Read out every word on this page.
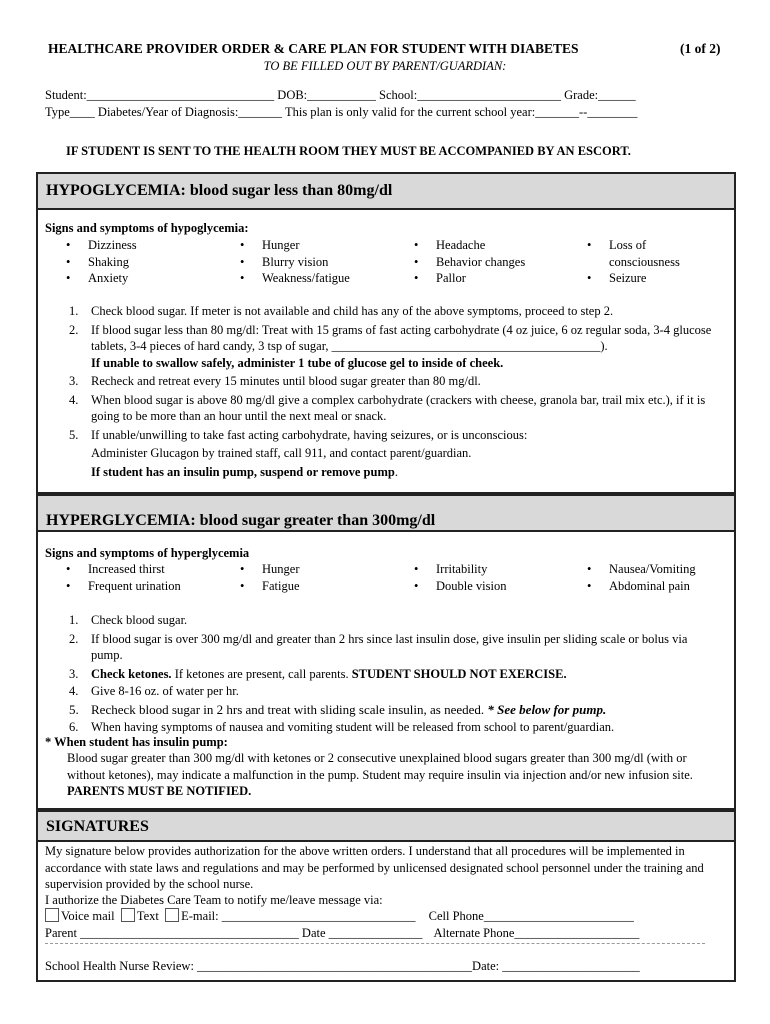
HEALTHCARE PROVIDER ORDER & CARE PLAN FOR STUDENT WITH DIABETES	(1 of 2)
TO BE FILLED OUT BY PARENT/GUARDIAN:
Student:______________________________ DOB:___________ School:_______________________ Grade:______
Type____ Diabetes/Year of Diagnosis:_______ This plan is only valid for the current school year:_______--________
IF STUDENT IS SENT TO THE HEALTH ROOM THEY MUST BE ACCOMPANIED BY AN ESCORT.
HYPOGLYCEMIA: blood sugar less than 80mg/dl
Signs and symptoms of hypoglycemia:
• Dizziness
• Shaking
• Anxiety
• Hunger
• Blurry vision
• Weakness/fatigue
• Headache
• Behavior changes
• Pallor
• Loss of
consciousness
• Seizure
1. Check blood sugar. If meter is not available and child has any of the above symptoms, proceed to step 2.
2. If blood sugar less than 80 mg/dl: Treat with 15 grams of fast acting carbohydrate (4 oz juice, 6 oz regular soda, 3-4 glucose tablets, 3-4 pieces of hard candy, 3 tsp of sugar, ___________________________________________).
If unable to swallow safely, administer 1 tube of glucose gel to inside of cheek.
3. Recheck and retreat every 15 minutes until blood sugar greater than 80 mg/dl.
4. When blood sugar is above 80 mg/dl give a complex carbohydrate (crackers with cheese, granola bar, trail mix etc.), if it is going to be more than an hour until the next meal or snack.
5. If unable/unwilling to take fast acting carbohydrate, having seizures, or is unconscious:
Administer Glucagon by trained staff, call 911, and contact parent/guardian.
If student has an insulin pump, suspend or remove pump.
HYPERGLYCEMIA: blood sugar greater than 300mg/dl
Signs and symptoms of hyperglycemia
• Increased thirst
• Frequent urination
• Hunger
• Fatigue
• Irritability
• Double vision
• Nausea/Vomiting
• Abdominal pain
1. Check blood sugar.
2. If blood sugar is over 300 mg/dl and greater than 2 hrs since last insulin dose, give insulin per sliding scale or bolus via pump.
3. Check ketones. If ketones are present, call parents. STUDENT SHOULD NOT EXERCISE.
4. Give 8-16 oz. of water per hr.
5. Recheck blood sugar in 2 hrs and treat with sliding scale insulin, as needed. * See below for pump.
6. When having symptoms of nausea and vomiting student will be released from school to parent/guardian.
* When student has insulin pump:
Blood sugar greater than 300 mg/dl with ketones or 2 consecutive unexplained blood sugars greater than 300 mg/dl (with or without ketones), may indicate a malfunction in the pump. Student may require insulin via injection and/or new infusion site. PARENTS MUST BE NOTIFIED.
SIGNATURES
My signature below provides authorization for the above written orders. I understand that all procedures will be implemented in accordance with state laws and regulations and may be performed by unlicensed designated school personnel under the training and supervision provided by the school nurse.
I authorize the Diabetes Care Team to notify me/leave message via:
Voice mail Text E-mail: _______________________________ Cell Phone________________________
Parent ___________________________________ Date _______________ Alternate Phone____________________
School Health Nurse Review: ____________________________________________Date: ______________________
